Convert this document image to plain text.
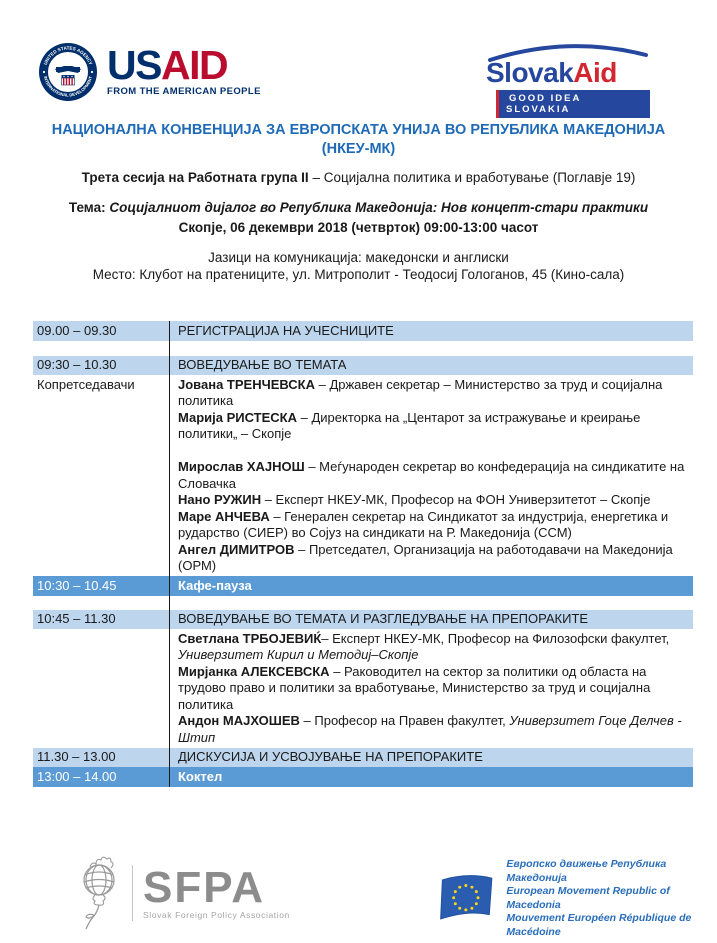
UNITED STATES AGENCY
INTERNATIONAL DEVELOPMENT USAID
FROM THE AMERICAN PEOPLE
SlovakAid
GOOD IDEA SLOVAKIA
НАЦИОНАЛНА КОНВЕНЦИЈА ЗА ЕВРОПСКАТА УНИЈА ВО РЕПУБЛИКА МАКЕДОНИЈА
(НКЕУ-МК)
Трета сесија на Работната група II – Социјална политика и вработување (Поглавје 19)
Тема: Социјалниот дијалог во Република Македонија: Нов концепт-стари практики
Скопје, 06 декември 2018 (четврток) 09:00-13:00 часот
Јазици на комуникација: македонски и англиски
Место: Клубот на пратениците, ул. Митрополит - Теодосиј Гологанов, 45 (Кино-сала)
09.00 – 09.30	РЕГИСТРАЦИЈА НА УЧЕСНИЦИТЕ
09:30 – 10.30	ВОВЕДУВАЊЕ ВО ТЕМАТА
Копретседавачи	Јована ТРЕНЧЕВСКА – Државен секретар – Министерство за труд и социјална политика

Марија РИСТЕСКА – Директорка на „Центарот за истражување и креирање политики„ – Скопје

Мирослав ХАЈНОШ – Меѓународен секретар во конфедерација на синдикатите на Словачка

Нано РУЖИН – Експерт НКЕУ-МК, Професор на ФОН Универзитетот – Скопје

Маре АНЧЕВА – Генерален секретар на Синдикатот за индустрија, енергетика и рударство (СИЕР) во Сојуз на синдикати на Р. Македонија (ССМ)

Ангел ДИМИТРОВ – Претседател, Организација на работодавачи на Македонија (ОРМ)

10:30 – 10.45	Кафе-пауза
10:45 – 11.30	ВОВЕДУВАЊЕ ВО ТЕМАТА И РАЗГЛЕДУВАЊЕ НА ПРЕПОРАКИТЕ

Светлана ТРБОЈЕВИЌ– Експерт НКЕУ-МК, Професор на Филозофски факултет, Универзитет Кирил и Методиј–Скопје

Мирјанка АЛЕКСЕВСКА – Раководител на сектор за политики од областа на трудово право и политики за вработување, Министерство за труд и социјална политика

Андон МАЈХОШЕВ – Професор на Правен факултет, Универзитет Гоце Делчев - Штип

11.30 – 13.00	ДИСКУСИЈА И УСВОЈУВАЊЕ НА ПРЕПОРАКИТЕ
13:00 – 14.00	Коктел
SFPA
Slovak Foreign Policy Association
Европско движење Република Македонија
European Movement Republic of Macedonia
Mouvement Européen République de Macédoine
